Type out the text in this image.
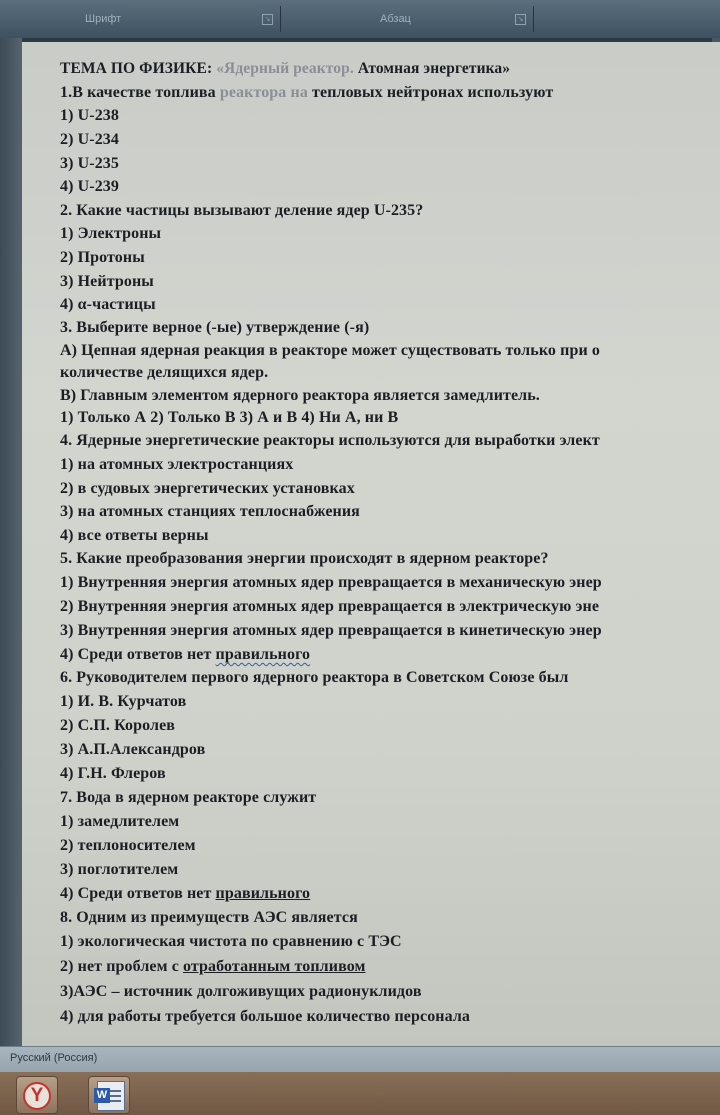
Шрифт	↘	Абзац	↘
ТЕМА ПО ФИЗИКЕ: «Ядерный реактор. Атомная энергетика»
1.В качестве топлива реактора на тепловых нейтронах используют
1) U-238
2) U-234
3) U-235
4) U-239
2. Какие частицы вызывают деление ядер U-235?
1) Электроны
2) Протоны
3) Нейтроны
4) α-частицы
3. Выберите верное (-ые) утверждение (-я)
А) Цепная ядерная реакция в реакторе может существовать только при о
количестве делящихся ядер.
В) Главным элементом ядерного реактора является замедлитель.
1) Только А 2) Только В 3) А и В 4) Ни А, ни В
4. Ядерные энергетические реакторы используются для выработки элект
1) на атомных электростанциях
2) в судовых энергетических установках
3) на атомных станциях теплоснабжения
4) все ответы верны
5. Какие преобразования энергии происходят в ядерном реакторе?
1) Внутренняя энергия атомных ядер превращается в механическую энер
2) Внутренняя энергия атомных ядер превращается в электрическую эне
3) Внутренняя энергия атомных ядер превращается в кинетическую энер
4) Среди ответов нет правильного
6. Руководителем первого ядерного реактора в Советском Союзе был
1) И. В. Курчатов
2) С.П. Королев
3) А.П.Александров
4) Г.Н. Флеров
7. Вода в ядерном реакторе служит
1) замедлителем
2) теплоносителем
3) поглотителем
4) Среди ответов нет правильного
8. Одним из преимуществ АЭС является
1) экологическая чистота по сравнению с ТЭС
2) нет проблем с отработанным топливом
3)АЭС – источник долгоживущих радионуклидов
4) для работы требуется большое количество персонала
Русский (Россия)
Y	W
